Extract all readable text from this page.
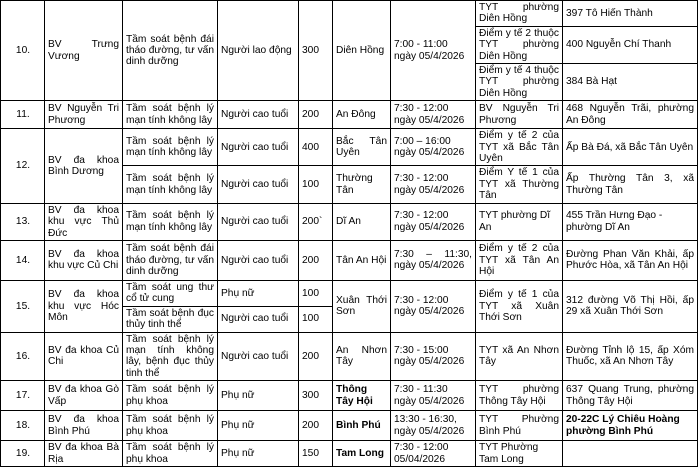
10.	BV Trưng Vương	Tầm soát bệnh đái tháo đường, tư vấn dinh dưỡng	Người lao động	300	Diên Hồng	7:00 - 11:00 ngày 05/4/2026	TYT phường Diên Hồng	397 Tô Hiến Thành
							Điểm y tế 2 thuộc TYT phường Diên Hồng	400 Nguyễn Chí Thanh
							Điểm y tế 4 thuộc TYT phường Diên Hồng	384 Bà Hạt
11.	BV Nguyễn Tri Phương	Tầm soát bệnh lý mạn tính không lây	Người cao tuổi	200	An Đông	7:30 - 12:00 ngày 05/4/2026	BV Nguyễn Tri Phương	468 Nguyễn Trãi, phường An Đông
12.	BV đa khoa Bình Dương	Tầm soát bệnh lý mạn tính không lây	Người cao tuổi	400	Bắc Tân Uyên	7:00 – 16:00 ngày 05/4/2026	Điểm y tế 2 của TYT xã Bắc Tân Uyên	Ấp Bà Đá, xã Bắc Tân Uyên
		Tầm soát bệnh lý mạn tính không lây	Người cao tuổi	100	Thường Tân	7:30 - 12:00 ngày 05/4/2026	Điểm Y tế 1 của TYT xã Thường Tân	Ấp Thường Tân 3, xã Thường Tân
13.	BV đa khoa khu vực Thủ Đức	Tầm soát bệnh lý mạn tính không lây	Người cao tuổi	200`	Dĩ An	7:30 - 12:00 ngày 05/4/2026	TYT phường Dĩ An	455 Trần Hưng Đạo - phường Dĩ An
14.	BV đa khoa khu vực Củ Chi	Tầm soát bệnh đái tháo đường, tư vấn dinh dưỡng	Người cao tuổi	200	Tân An Hội	7:30 – 11:30, ngày 05/4/2026	Điểm y tế 2 của TYT xã Tân An Hội	Đường Phan Văn Khải, ấp Phước Hòa, xã Tân An Hội
15.	BV đa khoa khu vực Hóc Môn	Tầm soát ung thư cổ tử cung	Phụ nữ	100	Xuân Thới Sơn	7:30 - 12:00 ngày 05/4/2026	Điểm y tế 1 của TYT xã Xuân Thới Sơn	312 đường Võ Thị Hồi, ấp 29 xã Xuân Thới Sơn
		Tầm soát bệnh đục thủy tinh thể	Người cao tuổi	100				
16.	BV đa khoa Củ Chi	Tầm soát bệnh lý mạn tính không lây, bệnh đục thủy tinh thể	Người cao tuổi	200	An Nhơn Tây	7:30 - 15:00 ngày 05/4/2026	TYT xã An Nhơn Tây	Đường Tỉnh lộ 15, ấp Xóm Thuốc, xã An Nhơn Tây
17.	BV đa khoa Gò Vấp	Tầm soát bệnh lý phụ khoa	Phụ nữ	300	Thông Tây Hội	7:30 - 11:30 ngày 05/4/2026	TYT phường Thông Tây Hội	637 Quang Trung, phường Thông Tây Hội
18.	BV đa khoa Bình Phú	Tầm soát bệnh lý phụ khoa	Phụ nữ	200	Bình Phú	13:30 - 16:30, ngày 05/4/2026	TYT Phường Bình Phú	20-22C Lý Chiêu Hoàng phường Bình Phú
19.	BV đa khoa Bà Rịa	Tầm soát bệnh lý phụ khoa	Phụ nữ	150	Tam Long	7:30 - 12:00 05/04/2026	TYT Phường Tam Long	
